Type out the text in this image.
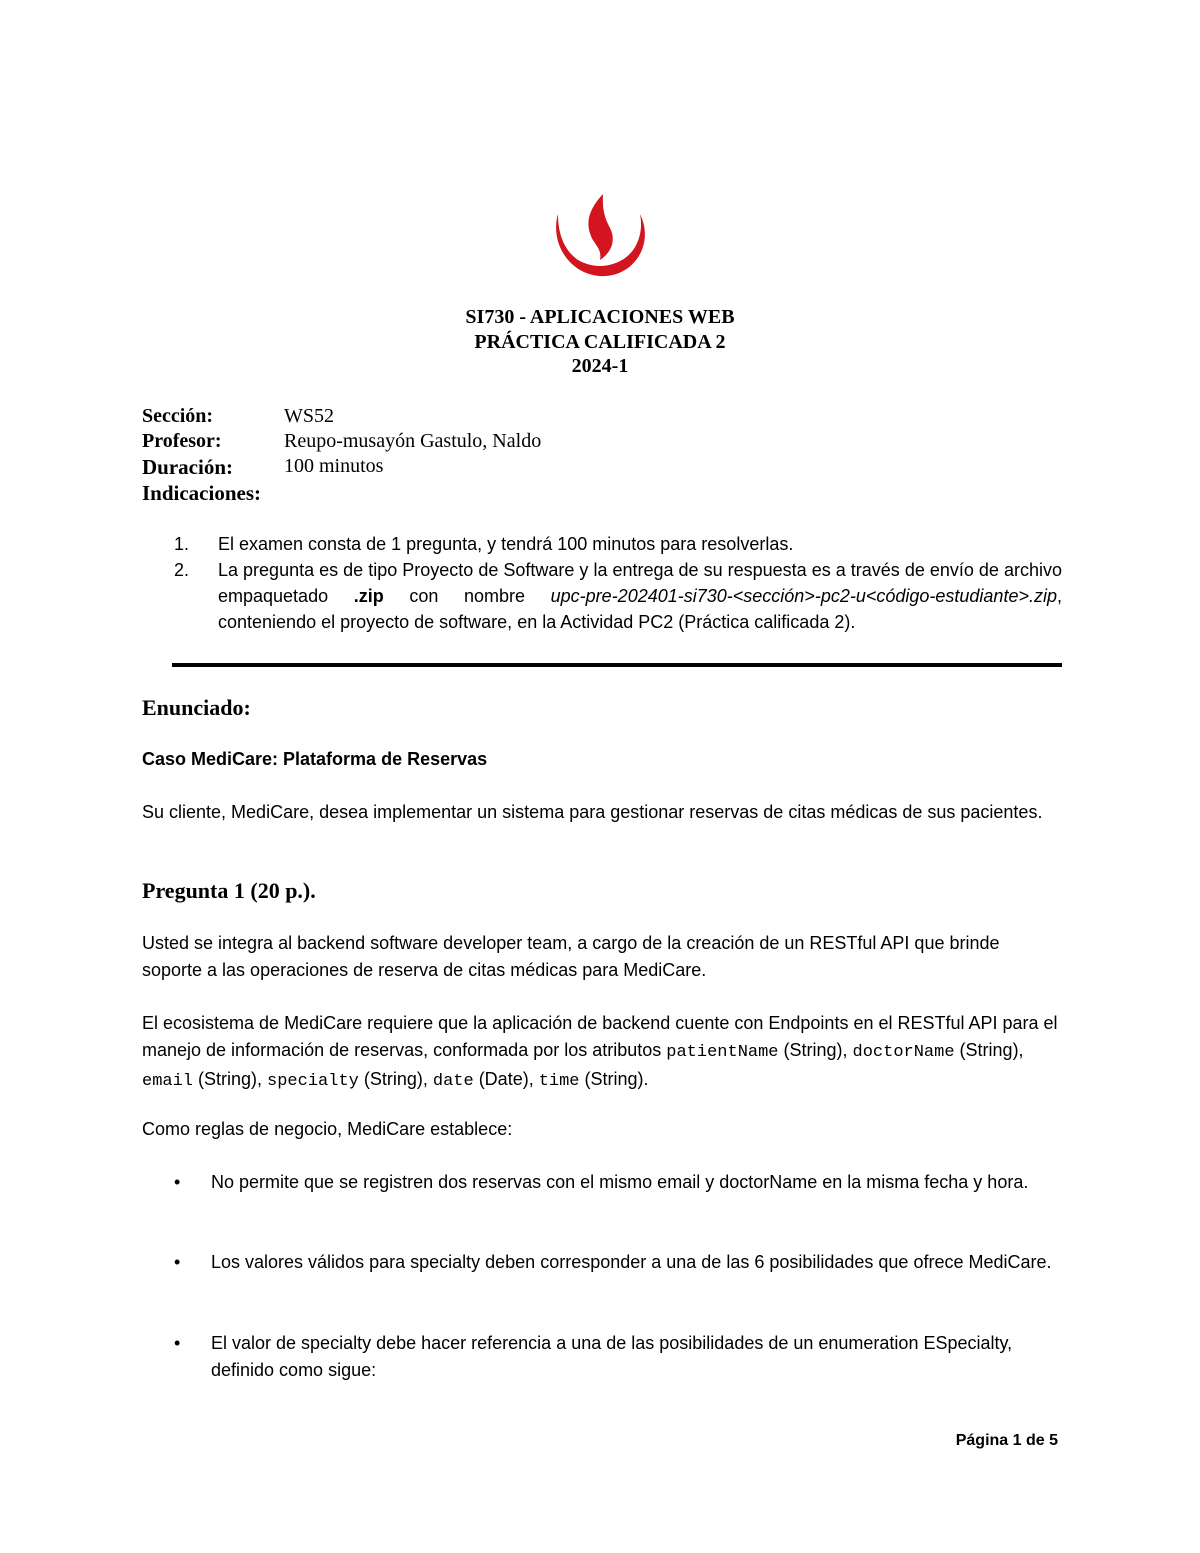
SI730 - APLICACIONES WEB
PRÁCTICA CALIFICADA 2
2024-1
Sección:	WS52
Profesor:	Reupo-musayón Gastulo, Naldo
Duración:	100 minutos
Indicaciones:
1. El examen consta de 1 pregunta, y tendrá 100 minutos para resolverlas.
2. La pregunta es de tipo Proyecto de Software y la entrega de su respuesta es a través de envío de archivo empaquetado .zip con nombre upc-pre-202401-si730-<sección>-pc2-u<código-estudiante>.zip, conteniendo el proyecto de software, en la Actividad PC2 (Práctica calificada 2).
Enunciado:
Caso MediCare: Plataforma de Reservas
Su cliente, MediCare, desea implementar un sistema para gestionar reservas de citas médicas de sus pacientes.
Pregunta 1 (20 p.).
Usted se integra al backend software developer team, a cargo de la creación de un RESTful API que brinde soporte a las operaciones de reserva de citas médicas para MediCare.
El ecosistema de MediCare requiere que la aplicación de backend cuente con Endpoints en el RESTful API para el manejo de información de reservas, conformada por los atributos patientName (String), doctorName (String), email (String), specialty (String), date (Date), time (String).
Como reglas de negocio, MediCare establece:
• No permite que se registren dos reservas con el mismo email y doctorName en la misma fecha y hora.
• Los valores válidos para specialty deben corresponder a una de las 6 posibilidades que ofrece MediCare.
• El valor de specialty debe hacer referencia a una de las posibilidades de un enumeration ESpecialty, definido como sigue:
Página 1 de 5
